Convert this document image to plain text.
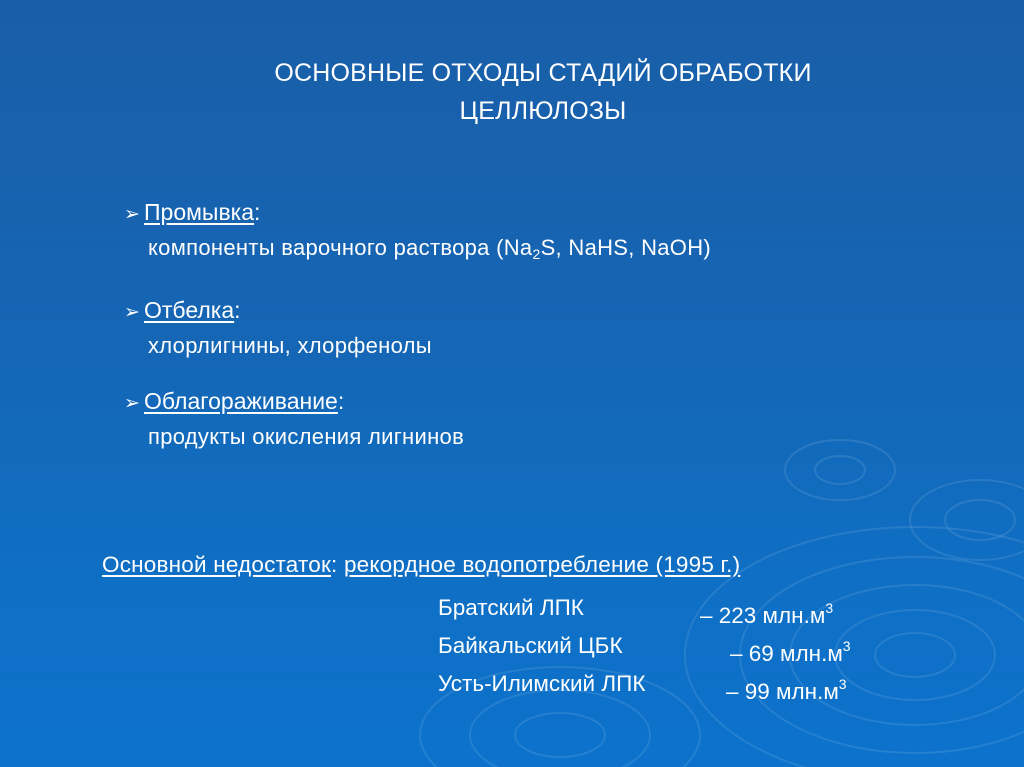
ОСНОВНЫЕ ОТХОДЫ СТАДИЙ ОБРАБОТКИ
ЦЕЛЛЮЛОЗЫ
➢ Промывка:
компоненты варочного раствора ($Na_2S$, NaHS, NaOH)
➢ Отбелка:
хлорлигнины, хлорфенолы
➢ Облагораживание:
продукты окисления лигнинов
Основной недостаток: рекордное водопотребление (1995 г.)
Братский ЛПК	– 223 $млн.м^3$
Байкальский ЦБК	– 69 $млн.м^3$
Усть-Илимский ЛПК	– 99 $млн.м^3$
